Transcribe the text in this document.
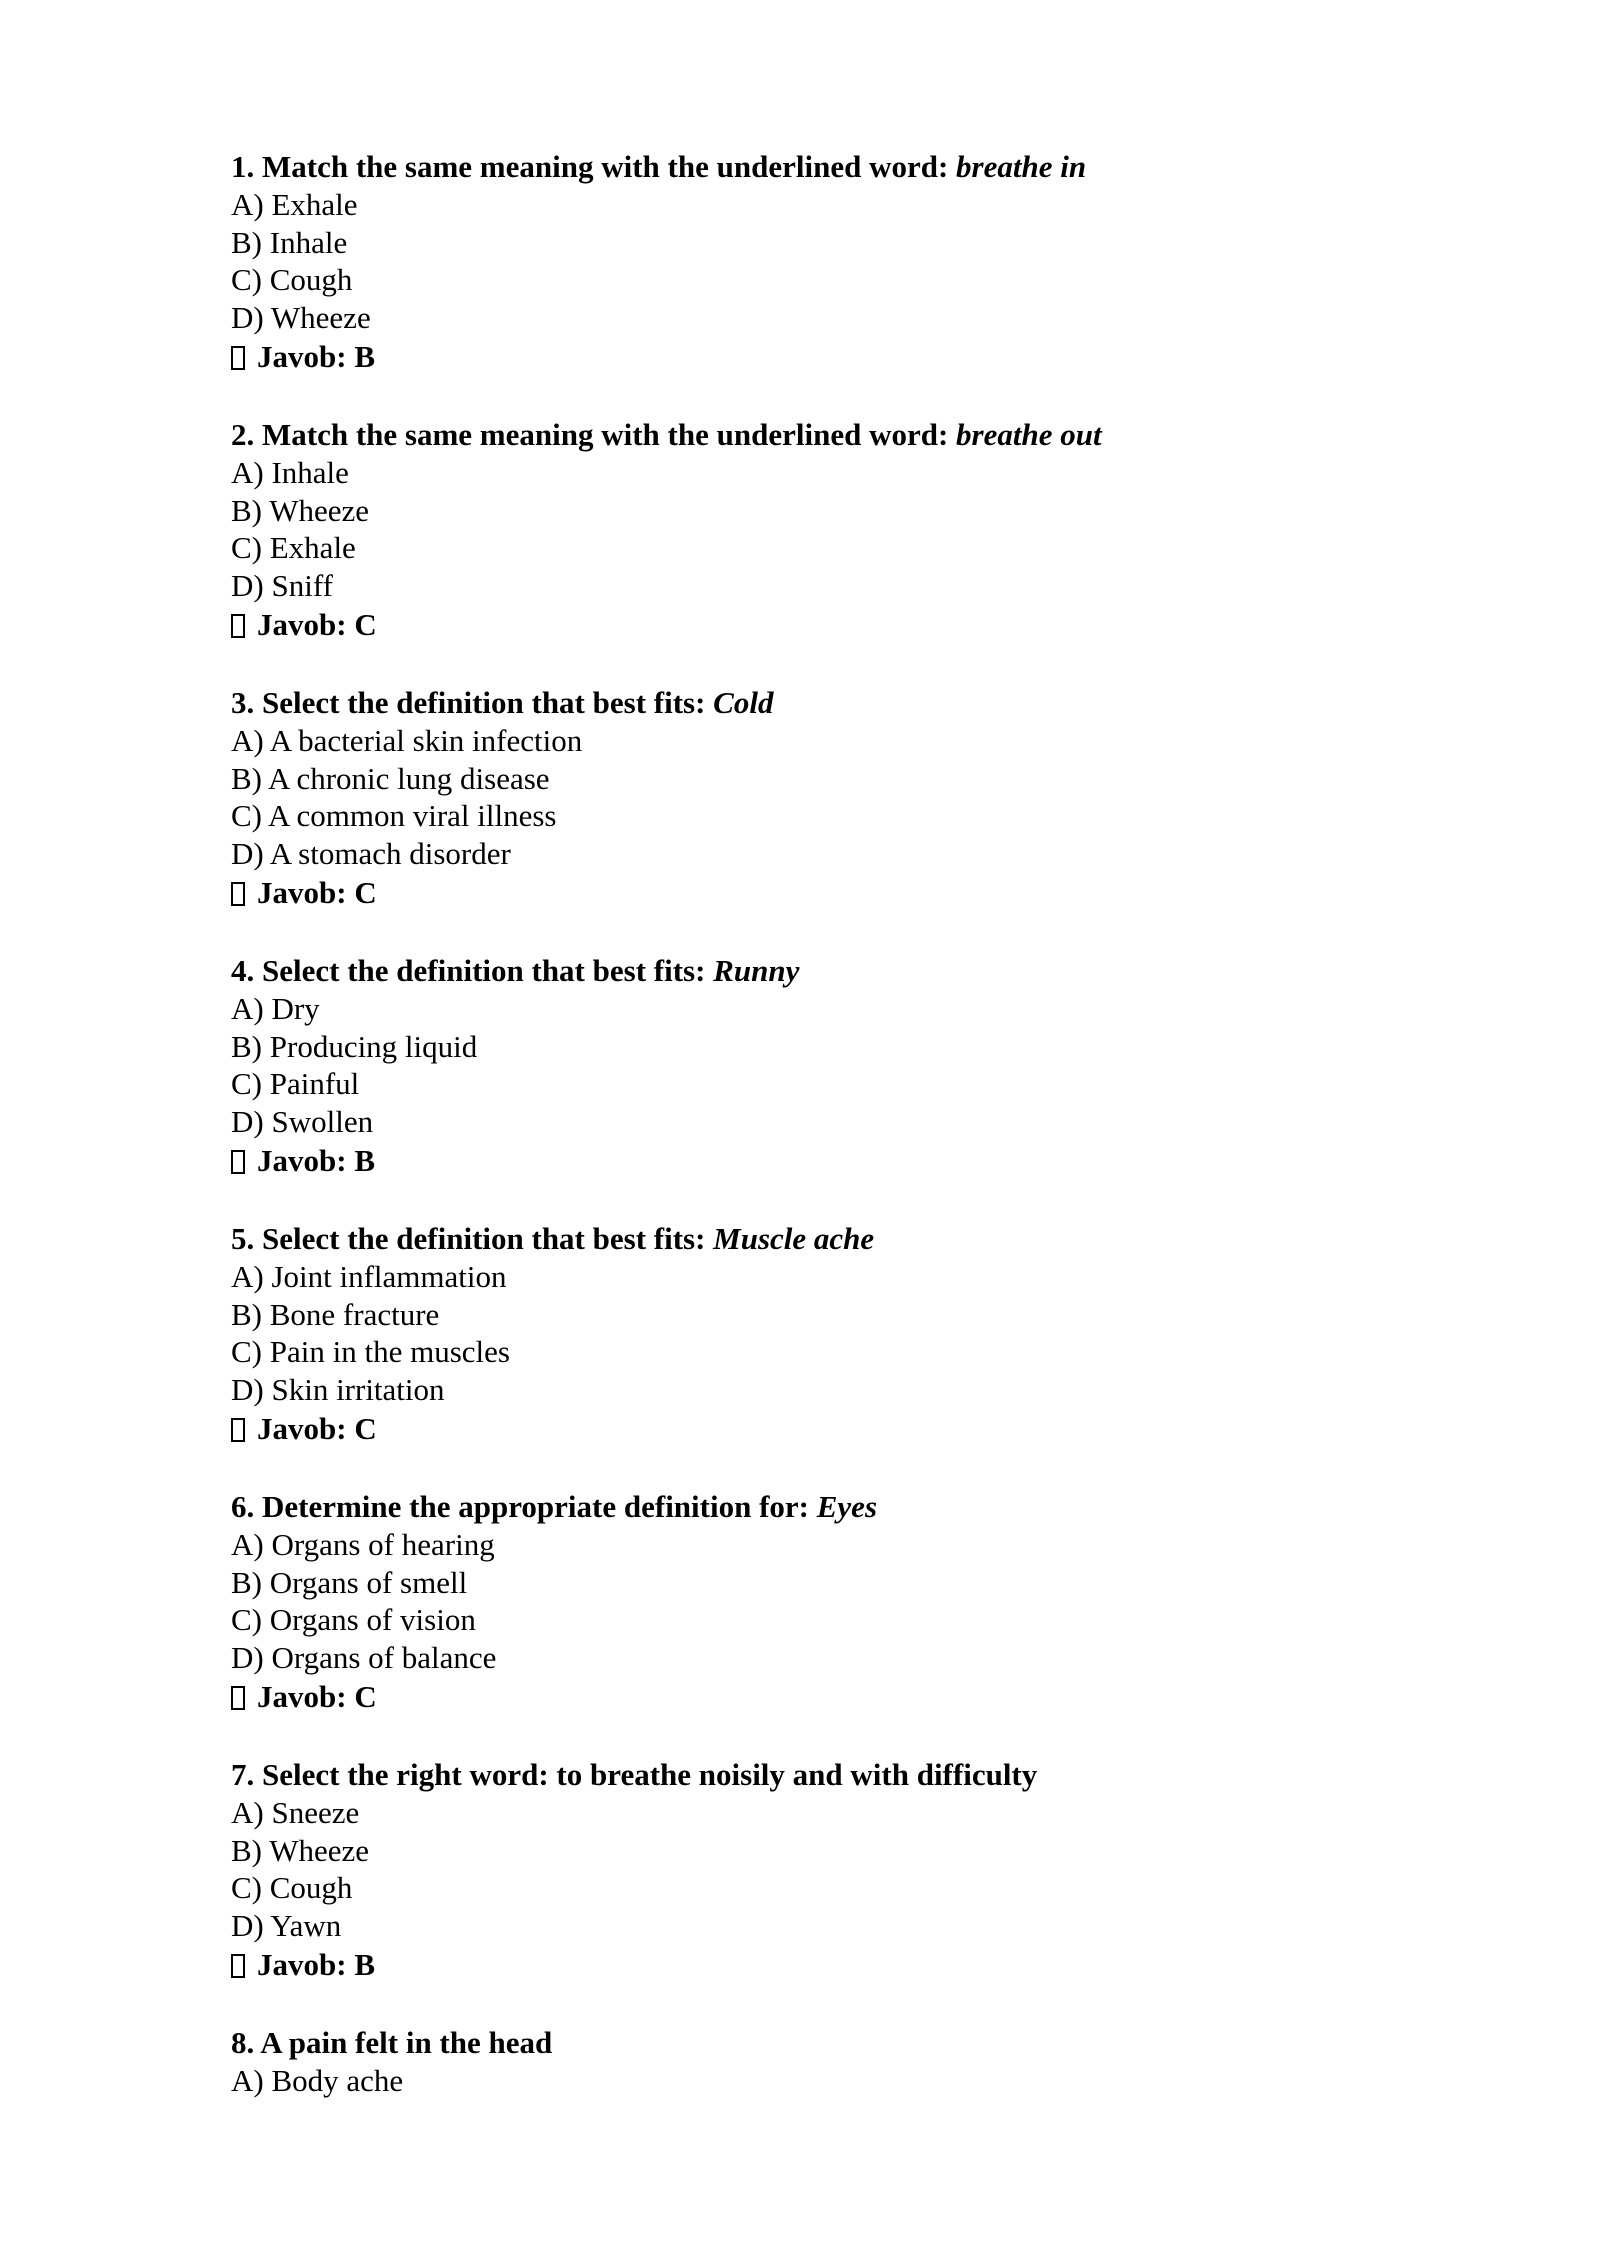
1. Match the same meaning with the underlined word: breathe in
A) Exhale
B) Inhale
C) Cough
D) Wheeze
Javob: B
2. Match the same meaning with the underlined word: breathe out
A) Inhale
B) Wheeze
C) Exhale
D) Sniff
Javob: C
3. Select the definition that best fits: Cold
A) A bacterial skin infection
B) A chronic lung disease
C) A common viral illness
D) A stomach disorder
Javob: C
4. Select the definition that best fits: Runny
A) Dry
B) Producing liquid
C) Painful
D) Swollen
Javob: B
5. Select the definition that best fits: Muscle ache
A) Joint inflammation
B) Bone fracture
C) Pain in the muscles
D) Skin irritation
Javob: C
6. Determine the appropriate definition for: Eyes
A) Organs of hearing
B) Organs of smell
C) Organs of vision
D) Organs of balance
Javob: C
7. Select the right word: to breathe noisily and with difficulty
A) Sneeze
B) Wheeze
C) Cough
D) Yawn
Javob: B
8. A pain felt in the head
A) Body ache
